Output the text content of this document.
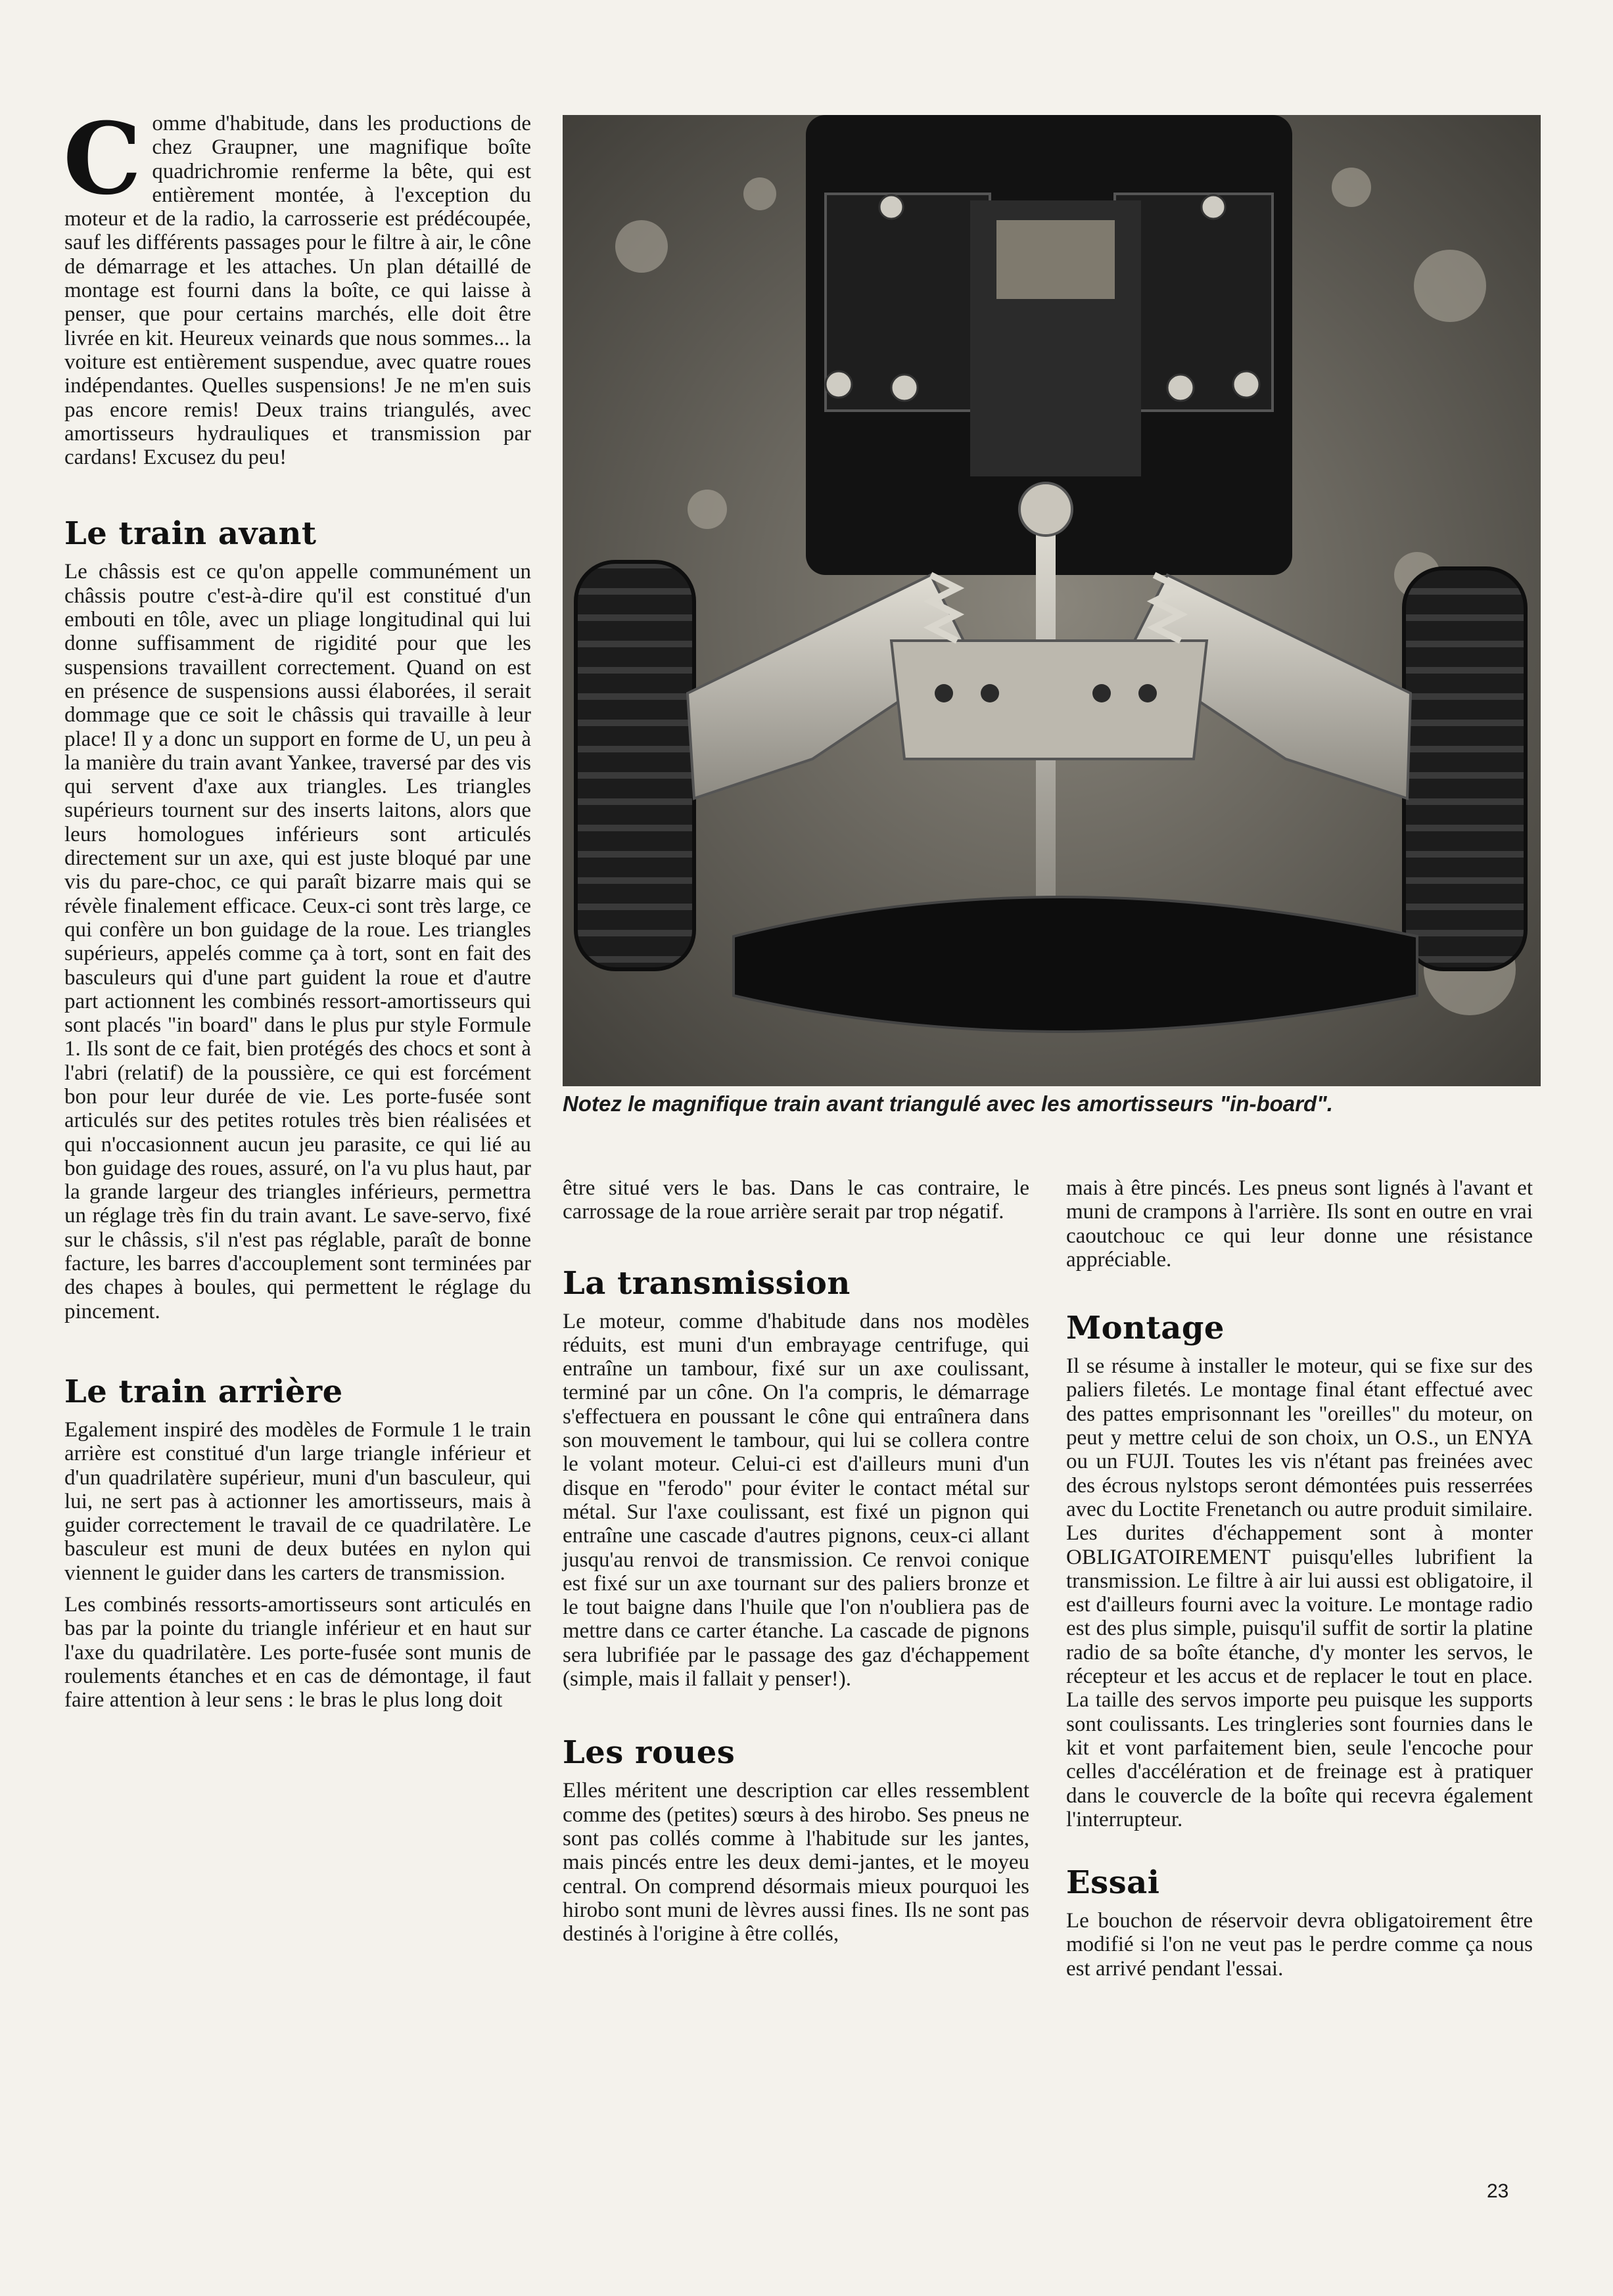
Notez le magnifique train avant triangulé avec les amortisseurs "in-board".

Comme d'habitude, dans les productions de chez Graupner, une magnifique boîte quadrichromie renferme la bête, qui est entièrement montée, à l'exception du moteur et de la radio, la carrosserie est prédécoupée, sauf les différents passages pour le filtre à air, le cône de démarrage et les attaches. Un plan détaillé de montage est fourni dans la boîte, ce qui laisse à penser, que pour certains marchés, elle doit être livrée en kit. Heureux veinards que nous sommes... la voiture est entièrement suspendue, avec quatre roues indépendantes. Quelles suspensions! Je ne m'en suis pas encore remis! Deux trains triangulés, avec amortisseurs hydrauliques et transmission par cardans! Excusez du peu!

Le train avant

Le châssis est ce qu'on appelle communément un châssis poutre c'est-à-dire qu'il est constitué d'un embouti en tôle, avec un pliage longitudinal qui lui donne suffisamment de rigidité pour que les suspensions travaillent correctement. Quand on est en présence de suspensions aussi élaborées, il serait dommage que ce soit le châssis qui travaille à leur place! Il y a donc un support en forme de U, un peu à la manière du train avant Yankee, traversé par des vis qui servent d'axe aux triangles. Les triangles supérieurs tournent sur des inserts laitons, alors que leurs homologues inférieurs sont articulés directement sur un axe, qui est juste bloqué par une vis du pare-choc, ce qui paraît bizarre mais qui se révèle finalement efficace. Ceux-ci sont très large, ce qui confère un bon guidage de la roue. Les triangles supérieurs, appelés comme ça à tort, sont en fait des basculeurs qui d'une part guident la roue et d'autre part actionnent les combinés ressort-amortisseurs qui sont placés "in board" dans le plus pur style Formule 1. Ils sont de ce fait, bien protégés des chocs et sont à l'abri (relatif) de la poussière, ce qui est forcément bon pour leur durée de vie. Les porte-fusée sont articulés sur des petites rotules très bien réalisées et qui n'occasionnent aucun jeu parasite, ce qui lié au bon guidage des roues, assuré, on l'a vu plus haut, par la grande largeur des triangles inférieurs, permettra un réglage très fin du train avant. Le save-servo, fixé sur le châssis, s'il n'est pas réglable, paraît de bonne facture, les barres d'accouplement sont terminées par des chapes à boules, qui permettent le réglage du pincement.

Le train arrière

Egalement inspiré des modèles de Formule 1 le train arrière est constitué d'un large triangle inférieur et d'un quadrilatère supérieur, muni d'un basculeur, qui lui, ne sert pas à actionner les amortisseurs, mais à guider correctement le travail de ce quadrilatère. Le basculeur est muni de deux butées en nylon qui viennent le guider dans les carters de transmission.

Les combinés ressorts-amortisseurs sont articulés en bas par la pointe du triangle inférieur et en haut sur l'axe du quadrilatère. Les porte-fusée sont munis de roulements étanches et en cas de démontage, il faut faire attention à leur sens : le bras le plus long doit

être situé vers le bas. Dans le cas contraire, le carrossage de la roue arrière serait par trop négatif.

La transmission

Le moteur, comme d'habitude dans nos modèles réduits, est muni d'un embrayage centrifuge, qui entraîne un tambour, fixé sur un axe coulissant, terminé par un cône. On l'a compris, le démarrage s'effectuera en poussant le cône qui entraînera dans son mouvement le tambour, qui lui se collera contre le volant moteur. Celui-ci est d'ailleurs muni d'un disque en "ferodo" pour éviter le contact métal sur métal. Sur l'axe coulissant, est fixé un pignon qui entraîne une cascade d'autres pignons, ceux-ci allant jusqu'au renvoi de transmission. Ce renvoi conique est fixé sur un axe tournant sur des paliers bronze et le tout baigne dans l'huile que l'on n'oubliera pas de mettre dans ce carter étanche. La cascade de pignons sera lubrifiée par le passage des gaz d'échappement (simple, mais il fallait y penser!).

Les roues

Elles méritent une description car elles ressemblent comme des (petites) sœurs à des hirobo. Ses pneus ne sont pas collés comme à l'habitude sur les jantes, mais pincés entre les deux demi-jantes, et le moyeu central. On comprend désormais mieux pourquoi les hirobo sont muni de lèvres aussi fines. Ils ne sont pas destinés à l'origine à être collés,

mais à être pincés. Les pneus sont lignés à l'avant et muni de crampons à l'arrière. Ils sont en outre en vrai caoutchouc ce qui leur donne une résistance appréciable.

Montage

Il se résume à installer le moteur, qui se fixe sur des paliers filetés. Le montage final étant effectué avec des pattes emprisonnant les "oreilles" du moteur, on peut y mettre celui de son choix, un O.S., un ENYA ou un FUJI. Toutes les vis n'étant pas freinées avec des écrous nylstops seront démontées puis resserrées avec du Loctite Frenetanch ou autre produit similaire. Les durites d'échappement sont à monter OBLIGATOIREMENT puisqu'elles lubrifient la transmission. Le filtre à air lui aussi est obligatoire, il est d'ailleurs fourni avec la voiture. Le montage radio est des plus simple, puisqu'il suffit de sortir la platine radio de sa boîte étanche, d'y monter les servos, le récepteur et les accus et de replacer le tout en place. La taille des servos importe peu puisque les supports sont coulissants. Les tringleries sont fournies dans le kit et vont parfaitement bien, seule l'encoche pour celles d'accélération et de freinage est à pratiquer dans le couvercle de la boîte qui recevra également l'interrupteur.

Essai

Le bouchon de réservoir devra obligatoirement être modifié si l'on ne veut pas le perdre comme ça nous est arrivé pendant l'essai.

23
